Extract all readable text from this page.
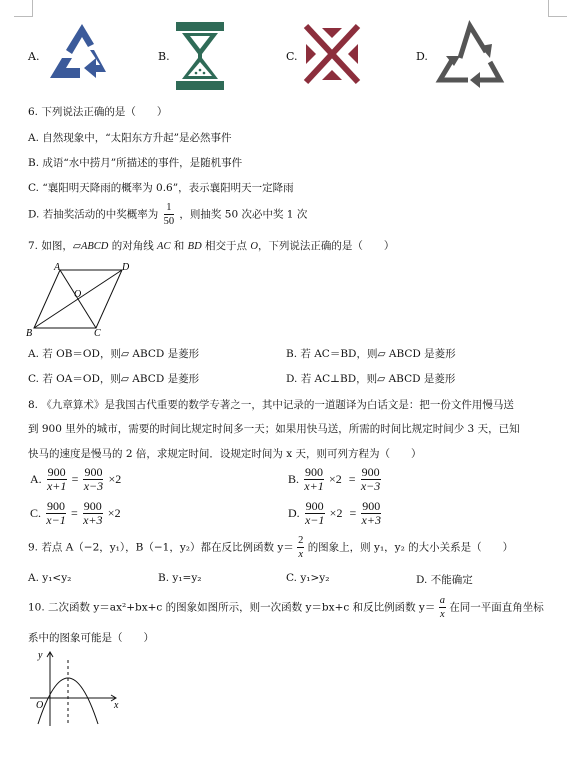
A.	B.	C.	D.
6. 下列说法正确的是（　　）
A. 自然现象中，“太阳东方升起”是必然事件
B. 成语“水中捞月”所描述的事件，是随机事件
C. “襄阳明天降雨的概率为 0.6”，表示襄阳明天一定降雨
D. 若抽奖活动的中奖概率为 $\frac{1}{50}$ ，则抽奖 50 次必中奖 1 次
7. 如图，▱ABCD 的对角线 AC 和 BD 相交于点 O，下列说法正确的是（　　）
A	D
O
B	C
A. 若 OB＝OD，则▱ ABCD 是菱形	B. 若 AC＝BD，则▱ ABCD 是菱形
C. 若 OA＝OD，则▱ ABCD 是菱形	D. 若 AC⊥BD，则▱ ABCD 是菱形
8. 《九章算术》是我国古代重要的数学专著之一，其中记录的一道题译为白话文是：把一份文件用慢马送
到 900 里外的城市，需要的时间比规定时间多一天；如果用快马送，所需的时间比规定时间少 3 天，已知
快马的速度是慢马的 2 倍，求规定时间．设规定时间为 x 天，则可列方程为（　　）
A. $\frac{900}{x+1} = \frac{900}{x-3} \times 2$	B. $\frac{900}{x+1} \times 2 = \frac{900}{x-3}$
C. $\frac{900}{x-1} = \frac{900}{x+3} \times 2$	D. $\frac{900}{x-1} \times 2 = \frac{900}{x+3}$
9. 若点 A（−2，y₁），B（−1，y₂）都在反比例函数 $y= \frac{2}{x}$ 的图象上，则 y₁，y₂ 的大小关系是（　　）
A. y₁<y₂	B. y₁=y₂	C. y₁>y₂	D. 不能确定
10. 二次函数 y＝ax²+bx+c 的图象如图所示，则一次函数 y＝bx+c 和反比例函数 $y= \frac{a}{x}$ 在同一平面直角坐标
系中的图象可能是（　　）
y
O	x
